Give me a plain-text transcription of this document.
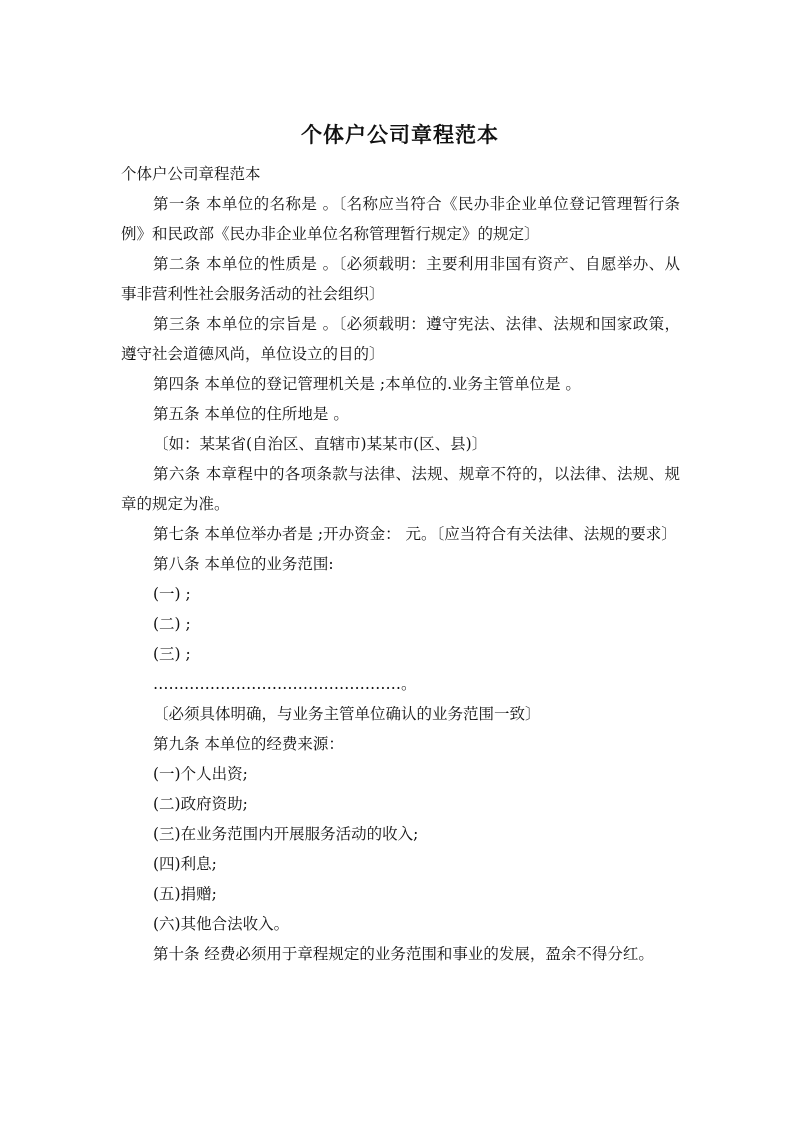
个体户公司章程范本

个体户公司章程范本

第一条 本单位的名称是 。〔名称应当符合《民办非企业单位登记管理暂行条例》和民政部《民办非企业单位名称管理暂行规定》的规定〕

第二条 本单位的性质是 。〔必须载明：主要利用非国有资产、自愿举办、从事非营利性社会服务活动的社会组织〕

第三条 本单位的宗旨是 。〔必须载明：遵守宪法、法律、法规和国家政策，遵守社会道德风尚，单位设立的目的〕

第四条 本单位的登记管理机关是 ;本单位的.业务主管单位是 。

第五条 本单位的住所地是 。

〔如：某某省(自治区、直辖市)某某市(区、县)〕

第六条 本章程中的各项条款与法律、法规、规章不符的，以法律、法规、规章的规定为准。

第七条 本单位举办者是 ;开办资金： 元。〔应当符合有关法律、法规的要求〕

第八条 本单位的业务范围:

(一) ;

(二) ;

(三) ;

…………………………………………。

〔必须具体明确，与业务主管单位确认的业务范围一致〕

第九条 本单位的经费来源：

(一)个人出资;

(二)政府资助;

(三)在业务范围内开展服务活动的收入;

(四)利息;

(五)捐赠;

(六)其他合法收入。

第十条 经费必须用于章程规定的业务范围和事业的发展，盈余不得分红。
